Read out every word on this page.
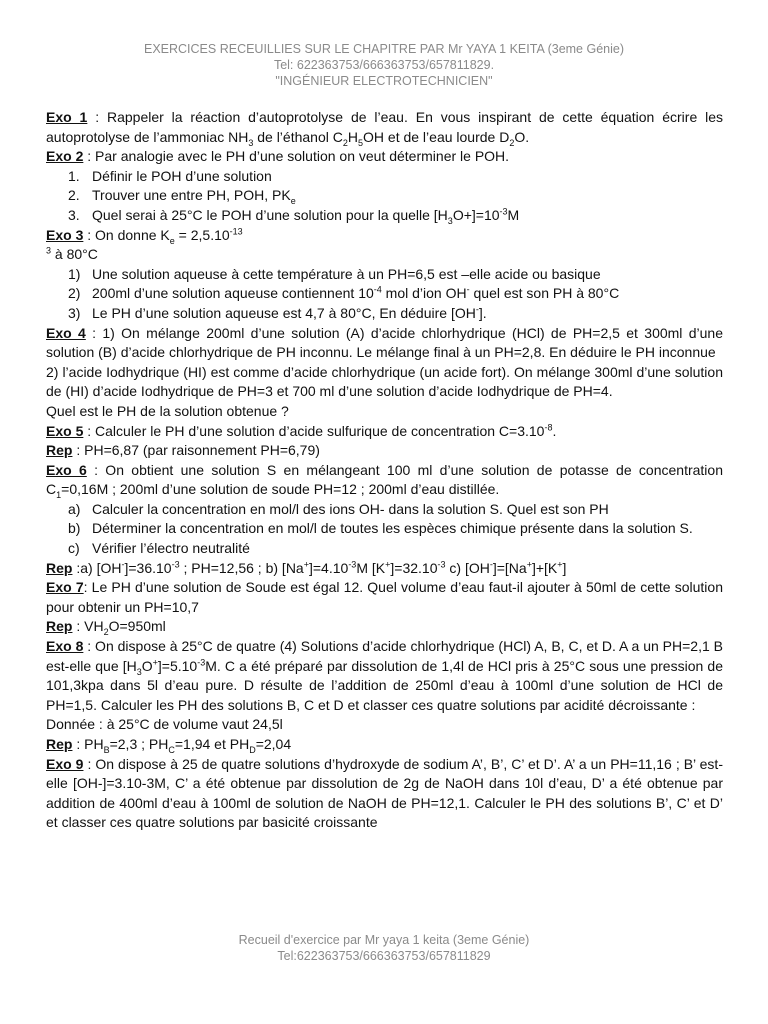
EXERCICES RECEUILLIES SUR LE CHAPITRE PAR Mr YAYA 1 KEITA (3eme Génie)
Tel: 622363753/666363753/657811829.
"INGÉNIEUR ELECTROTECHNICIEN"

Exo 1 : Rappeler la réaction d’autoprotolyse de l’eau. En vous inspirant de cette équation écrire les autoprotolyse de l’ammoniac $NH_3$ de l’éthanol $C_2H_5OH$ et de l’eau lourde $D_2O$.

Exo 2 : Par analogie avec le PH d’une solution on veut déterminer le POH.

1. Définir le POH d’une solution
2. Trouver une entre PH, POH, $PK_e$
3. Quel serai à 25°C le POH d’une solution pour la quelle $[H_3O+]=10^{-3}M$

Exo 3 : On donne $K_e = 2,5.10^{-13}$

$^3$ à 80°C

1) Une solution aqueuse à cette température à un PH=6,5 est –elle acide ou basique
2) 200ml d’une solution aqueuse contiennent $10^{-4}$ mol d’ion OH- quel est son PH à 80°C
3) Le PH d’une solution aqueuse est 4,7 à 80°C, En déduire [OH-].

Exo 4 : 1) On mélange 200ml d’une solution (A) d’acide chlorhydrique (HCl) de PH=2,5 et 300ml d’une solution (B) d’acide chlorhydrique de PH inconnu. Le mélange final à un PH=2,8. En déduire le PH inconnue

2) l’acide Iodhydrique (HI) est comme d’acide chlorhydrique (un acide fort). On mélange 300ml d’une solution de (HI) d’acide Iodhydrique de PH=3 et 700 ml d’une solution d’acide Iodhydrique de PH=4.

Quel est le PH de la solution obtenue ?

Exo 5 : Calculer le PH d’une solution d’acide sulfurique de concentration $C=3.10^{-8}$.

Rep : PH=6,87 (par raisonnement PH=6,79)

Exo 6 : On obtient une solution S en mélangeant 100 ml d’une solution de potasse de concentration $C_1=0,16M$ ; 200ml d’une solution de soude PH=12 ; 200ml d’eau distillée.

a) Calculer la concentration en mol/l des ions OH- dans la solution S. Quel est son PH
b) Déterminer la concentration en mol/l de toutes les espèces chimique présente dans la solution S.
c) Vérifier l’électro neutralité

Rep :a) $[OH^-]=36.10^{-3}$ ; PH=12,56 ; b) $[Na^+]=4.10^{-3}M$ $[K^+]=32.10^{-3}$ c) [OH-]=[Na+]+[K+]

Exo 7: Le PH d’une solution de Soude est égal 12. Quel volume d’eau faut-il ajouter à 50ml de cette solution pour obtenir un PH=10,7

Rep : $VH_2O=950ml$

Exo 8 : On dispose à 25°C de quatre (4) Solutions d’acide chlorhydrique (HCl) A, B, C, et D. A a un PH=2,1 B est-elle que $[H_3O^+]=5.10^{-3}M$. C a été préparé par dissolution de 1,4l de HCl pris à 25°C sous une pression de 101,3kpa dans 5l d’eau pure. D résulte de l’addition de 250ml d’eau à 100ml d’une solution de HCl de PH=1,5. Calculer les PH des solutions B, C et D et classer ces quatre solutions par acidité décroissante :

Donnée : à 25°C de volume vaut 24,5l

Rep : $PH_B=2,3$ ; $PH_C=1,94$ et $PH_D=2,04$

Exo 9 : On dispose à 25 de quatre solutions d’hydroxyde de sodium A’, B’, C’ et D’. A’ a un PH=11,16 ; B’ est-elle [OH-]=3.10-3M, C’ a été obtenue par dissolution de 2g de NaOH dans 10l d’eau, D’ a été obtenue par addition de 400ml d’eau à 100ml de solution de NaOH de PH=12,1. Calculer le PH des solutions B’, C’ et D’ et classer ces quatre solutions par basicité croissante

Recueil d'exercice par Mr yaya 1 keita (3eme Génie)
Tel:622363753/666363753/657811829
